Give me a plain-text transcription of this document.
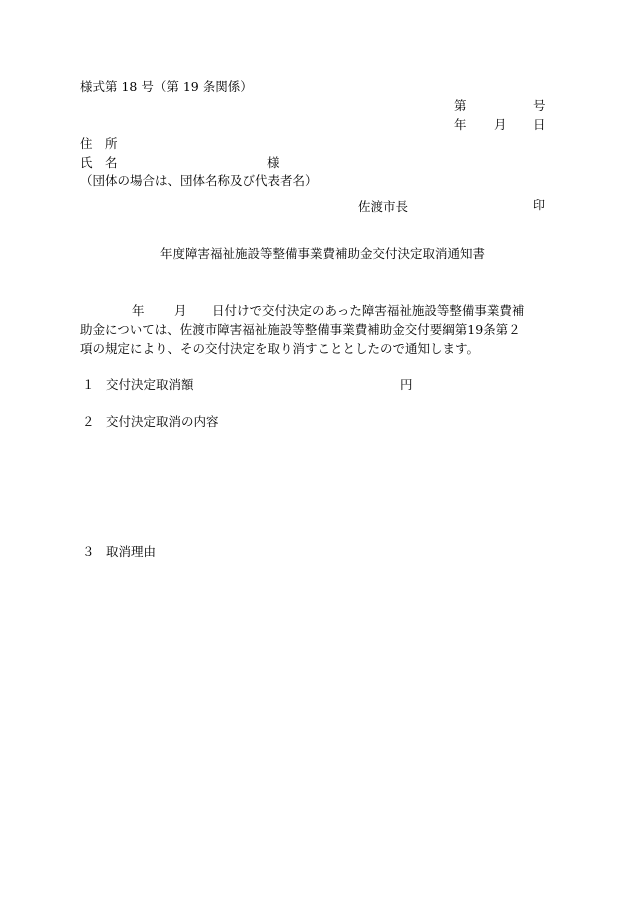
様式第 18 号（第 19 条関係）
第	号
年 月 日
住　所
氏　名	様
（団体の場合は、団体名称及び代表者名）
佐渡市長	印
年度障害福祉施設等整備事業費補助金交付決定取消通知書
年 月 日付けで交付決定のあった障害福祉施設等整備事業費補
助金については、佐渡市障害福祉施設等整備事業費補助金交付要綱第19条第２
項の規定により、その交付決定を取り消すこととしたので通知します。
１ 交付決定取消額	円
２ 交付決定取消の内容
３ 取消理由
